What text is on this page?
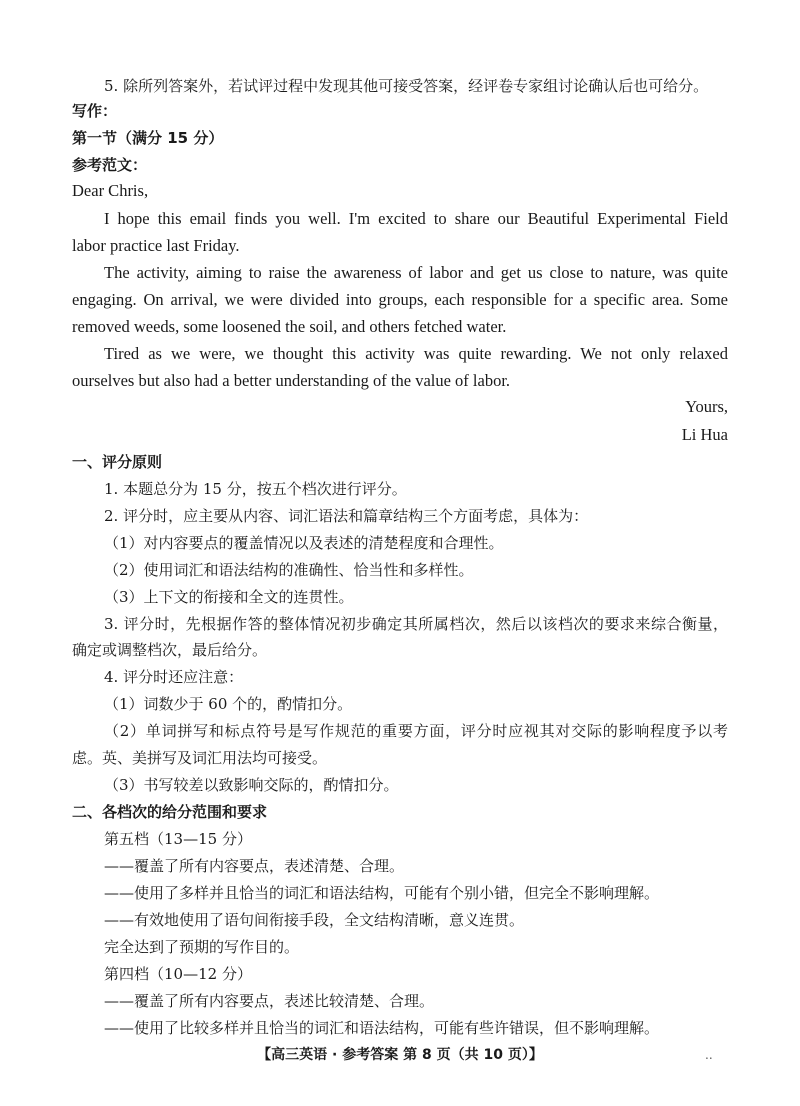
5. 除所列答案外，若试评过程中发现其他可接受答案，经评卷专家组讨论确认后也可给分。
写作：
第一节（满分 15 分）
参考范文：
Dear Chris,
I hope this email finds you well. I'm excited to share our Beautiful Experimental Field
labor practice last Friday.
The activity, aiming to raise the awareness of labor and get us close to nature, was quite
engaging. On arrival, we were divided into groups, each responsible for a specific area. Some
removed weeds, some loosened the soil, and others fetched water.
Tired as we were, we thought this activity was quite rewarding. We not only relaxed
ourselves but also had a better understanding of the value of labor.
Yours,
Li Hua
一、评分原则
1. 本题总分为 15 分，按五个档次进行评分。
2. 评分时，应主要从内容、词汇语法和篇章结构三个方面考虑，具体为：
（1）对内容要点的覆盖情况以及表述的清楚程度和合理性。
（2）使用词汇和语法结构的准确性、恰当性和多样性。
（3）上下文的衔接和全文的连贯性。
3. 评分时，先根据作答的整体情况初步确定其所属档次，然后以该档次的要求来综合衡量，
确定或调整档次，最后给分。
4. 评分时还应注意：
（1）词数少于 60 个的，酌情扣分。
（2）单词拼写和标点符号是写作规范的重要方面，评分时应视其对交际的影响程度予以考
虑。英、美拼写及词汇用法均可接受。
（3）书写较差以致影响交际的，酌情扣分。
二、各档次的给分范围和要求
第五档（13—15 分）
——覆盖了所有内容要点，表述清楚、合理。
——使用了多样并且恰当的词汇和语法结构，可能有个别小错，但完全不影响理解。
——有效地使用了语句间衔接手段，全文结构清晰，意义连贯。
完全达到了预期的写作目的。
第四档（10—12 分）
——覆盖了所有内容要点，表述比较清楚、合理。
——使用了比较多样并且恰当的词汇和语法结构，可能有些许错误，但不影响理解。
【高三英语 · 参考答案 第 8 页（共 10 页）】	..
